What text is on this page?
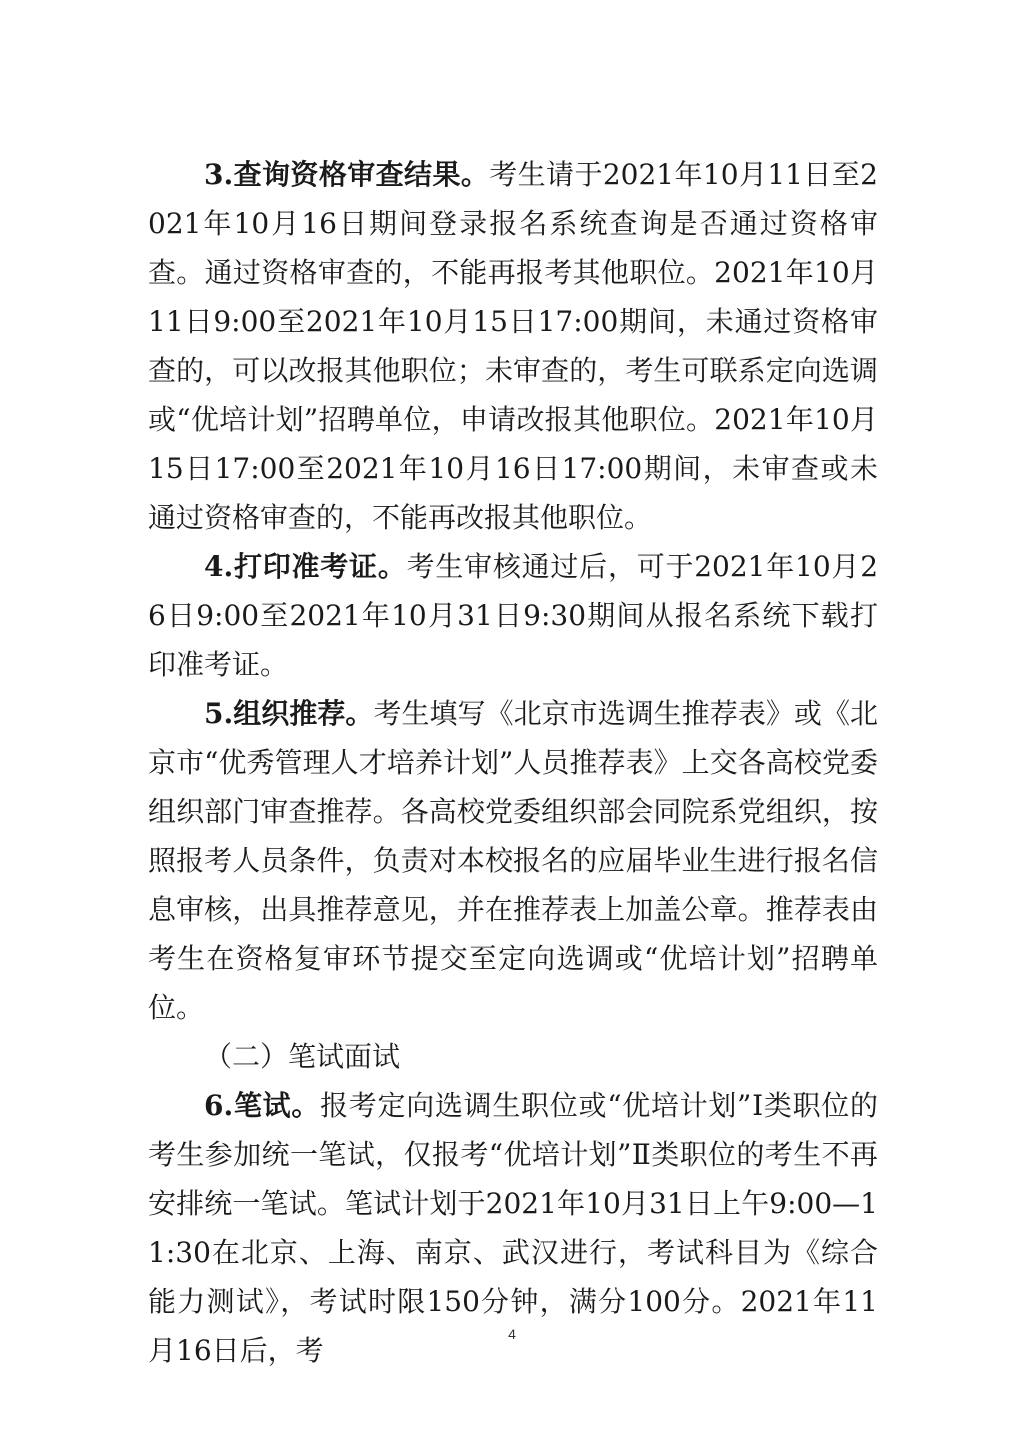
3.查询资格审查结果。考生请于2021年10月11日至2021年10月16日期间登录报名系统查询是否通过资格审查。通过资格审查的，不能再报考其他职位。2021年10月11日9:00至2021年10月15日17:00期间，未通过资格审查的，可以改报其他职位；未审查的，考生可联系定向选调或“优培计划”招聘单位，申请改报其他职位。2021年10月15日17:00至2021年10月16日17:00期间，未审查或未通过资格审查的，不能再改报其他职位。

4.打印准考证。考生审核通过后，可于2021年10月26日9:00至2021年10月31日9:30期间从报名系统下载打印准考证。

5.组织推荐。考生填写《北京市选调生推荐表》或《北京市“优秀管理人才培养计划”人员推荐表》上交各高校党委组织部门审查推荐。各高校党委组织部会同院系党组织，按照报考人员条件，负责对本校报名的应届毕业生进行报名信息审核，出具推荐意见，并在推荐表上加盖公章。推荐表由考生在资格复审环节提交至定向选调或“优培计划”招聘单位。

（二）笔试面试

6.笔试。报考定向选调生职位或“优培计划”Ⅰ类职位的考生参加统一笔试，仅报考“优培计划”Ⅱ类职位的考生不再安排统一笔试。笔试计划于2021年10月31日上午9:00—11:30在北京、上海、南京、武汉进行，考试科目为《综合能力测试》，考试时限150分钟，满分100分。2021年11月16日后，考	4
